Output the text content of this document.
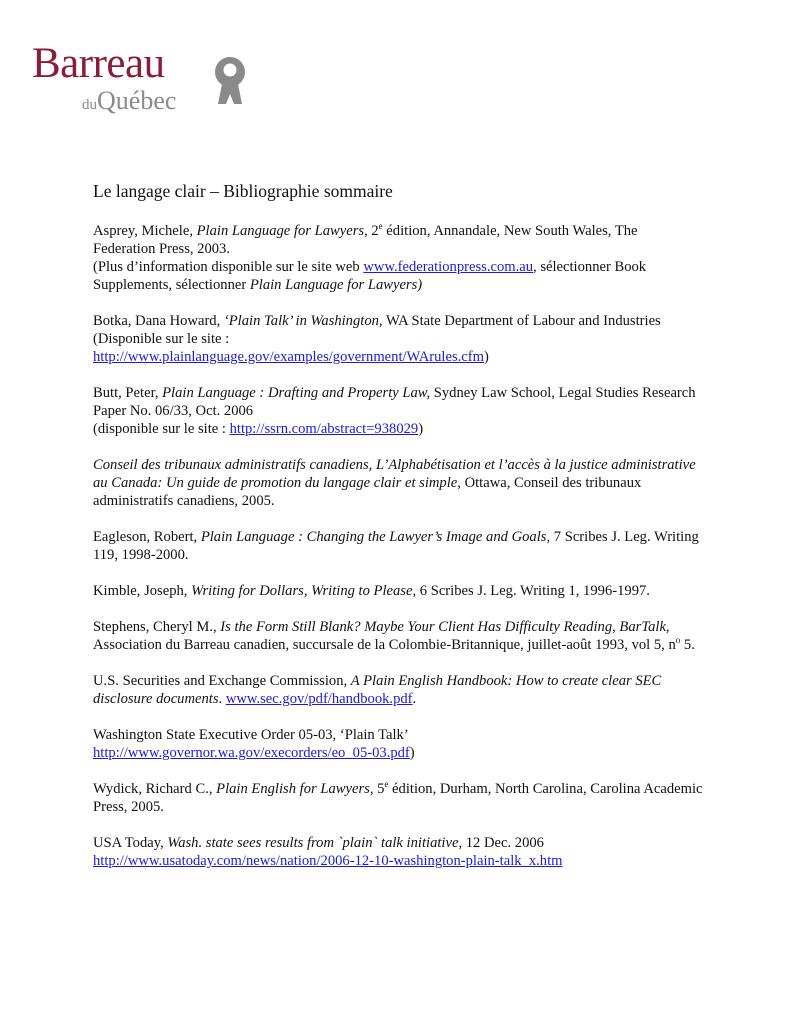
Barreau
duQuébec
Le langage clair – Bibliographie sommaire

Asprey, Michele, Plain Language for Lawyers, 2e édition, Annandale, New South Wales, The Federation Press, 2003.
(Plus d’information disponible sur le site web www.federationpress.com.au, sélectionner Book Supplements, sélectionner Plain Language for Lawyers)

Botka, Dana Howard, ‘Plain Talk’ in Washington, WA State Department of Labour and Industries
(Disponible sur le site :
http://www.plainlanguage.gov/examples/government/WArules.cfm)

Butt, Peter, Plain Language : Drafting and Property Law, Sydney Law School, Legal Studies Research Paper No. 06/33, Oct. 2006
(disponible sur le site : http://ssrn.com/abstract=938029)

Conseil des tribunaux administratifs canadiens, L’Alphabétisation et l’accès à la justice administrative au Canada: Un guide de promotion du langage clair et simple, Ottawa, Conseil des tribunaux administratifs canadiens, 2005.

Eagleson, Robert, Plain Language : Changing the Lawyer’s Image and Goals, 7 Scribes J. Leg. Writing 119, 1998-2000.

Kimble, Joseph, Writing for Dollars, Writing to Please, 6 Scribes J. Leg. Writing 1, 1996-1997.

Stephens, Cheryl M., Is the Form Still Blank? Maybe Your Client Has Difficulty Reading, BarTalk, Association du Barreau canadien, succursale de la Colombie-Britannique, juillet-août 1993, vol 5, $n^o$ 5.

U.S. Securities and Exchange Commission, A Plain English Handbook: How to create clear SEC disclosure documents. www.sec.gov/pdf/handbook.pdf.

Washington State Executive Order 05-03, ‘Plain Talk’
http://www.governor.wa.gov/execorders/eo_05-03.pdf)

Wydick, Richard C., Plain English for Lawyers, 5e édition, Durham, North Carolina, Carolina Academic Press, 2005.

USA Today, Wash. state sees results from `plain` talk initiative, 12 Dec. 2006
http://www.usatoday.com/news/nation/2006-12-10-washington-plain-talk_x.htm
